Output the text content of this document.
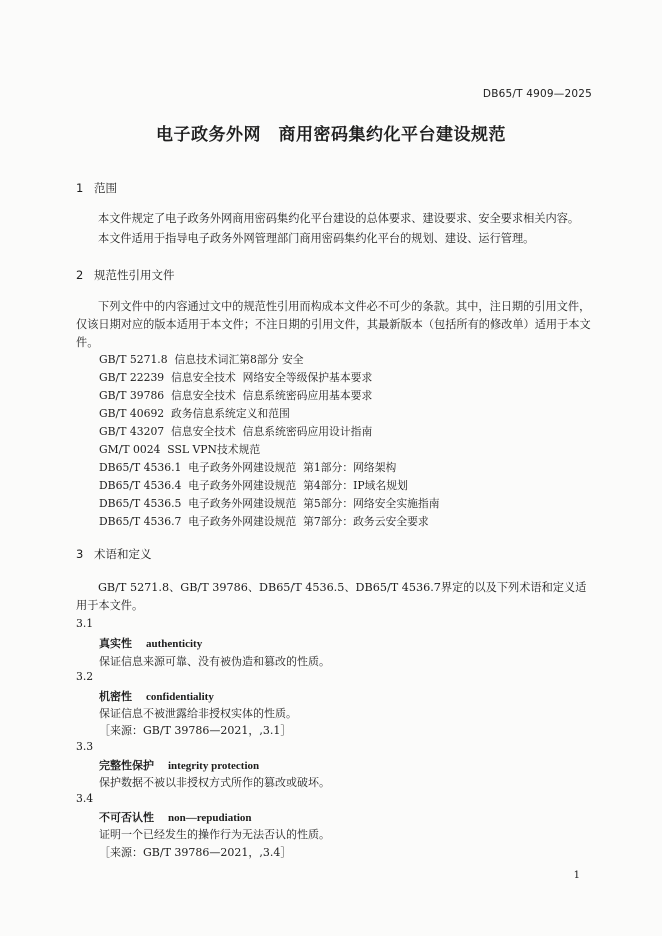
DB65/T 4909—2025
电子政务外网　商用密码集约化平台建设规范
1 范围
本文件规定了电子政务外网商用密码集约化平台建设的总体要求、建设要求、安全要求相关内容。
本文件适用于指导电子政务外网管理部门商用密码集约化平台的规划、建设、运行管理。
2 规范性引用文件
下列文件中的内容通过文中的规范性引用而构成本文件必不可少的条款。其中，注日期的引用文件，仅该日期对应的版本适用于本文件；不注日期的引用文件，其最新版本（包括所有的修改单）适用于本文件。
GB/T 5271.8  信息技术词汇第8部分 安全
GB/T 22239  信息安全技术  网络安全等级保护基本要求
GB/T 39786  信息安全技术  信息系统密码应用基本要求
GB/T 40692  政务信息系统定义和范围
GB/T 43207  信息安全技术  信息系统密码应用设计指南
GM/T 0024  SSL VPN技术规范
DB65/T 4536.1  电子政务外网建设规范  第1部分：网络架构
DB65/T 4536.4  电子政务外网建设规范  第4部分：IP域名规划
DB65/T 4536.5  电子政务外网建设规范  第5部分：网络安全实施指南
DB65/T 4536.7  电子政务外网建设规范  第7部分：政务云安全要求
3 术语和定义
GB/T 5271.8、GB/T 39786、DB65/T 4536.5、DB65/T 4536.7界定的以及下列术语和定义适用于本文件。
3.1
真实性 authenticity
保证信息来源可靠、没有被伪造和篡改的性质。
3.2
机密性 confidentiality
保证信息不被泄露给非授权实体的性质。
［来源：GB/T 39786—2021，,3.1］
3.3
完整性保护 integrity protection
保护数据不被以非授权方式所作的篡改或破坏。
3.4
不可否认性 non—repudiation
证明一个已经发生的操作行为无法否认的性质。
［来源：GB/T 39786—2021，,3.4］
1
